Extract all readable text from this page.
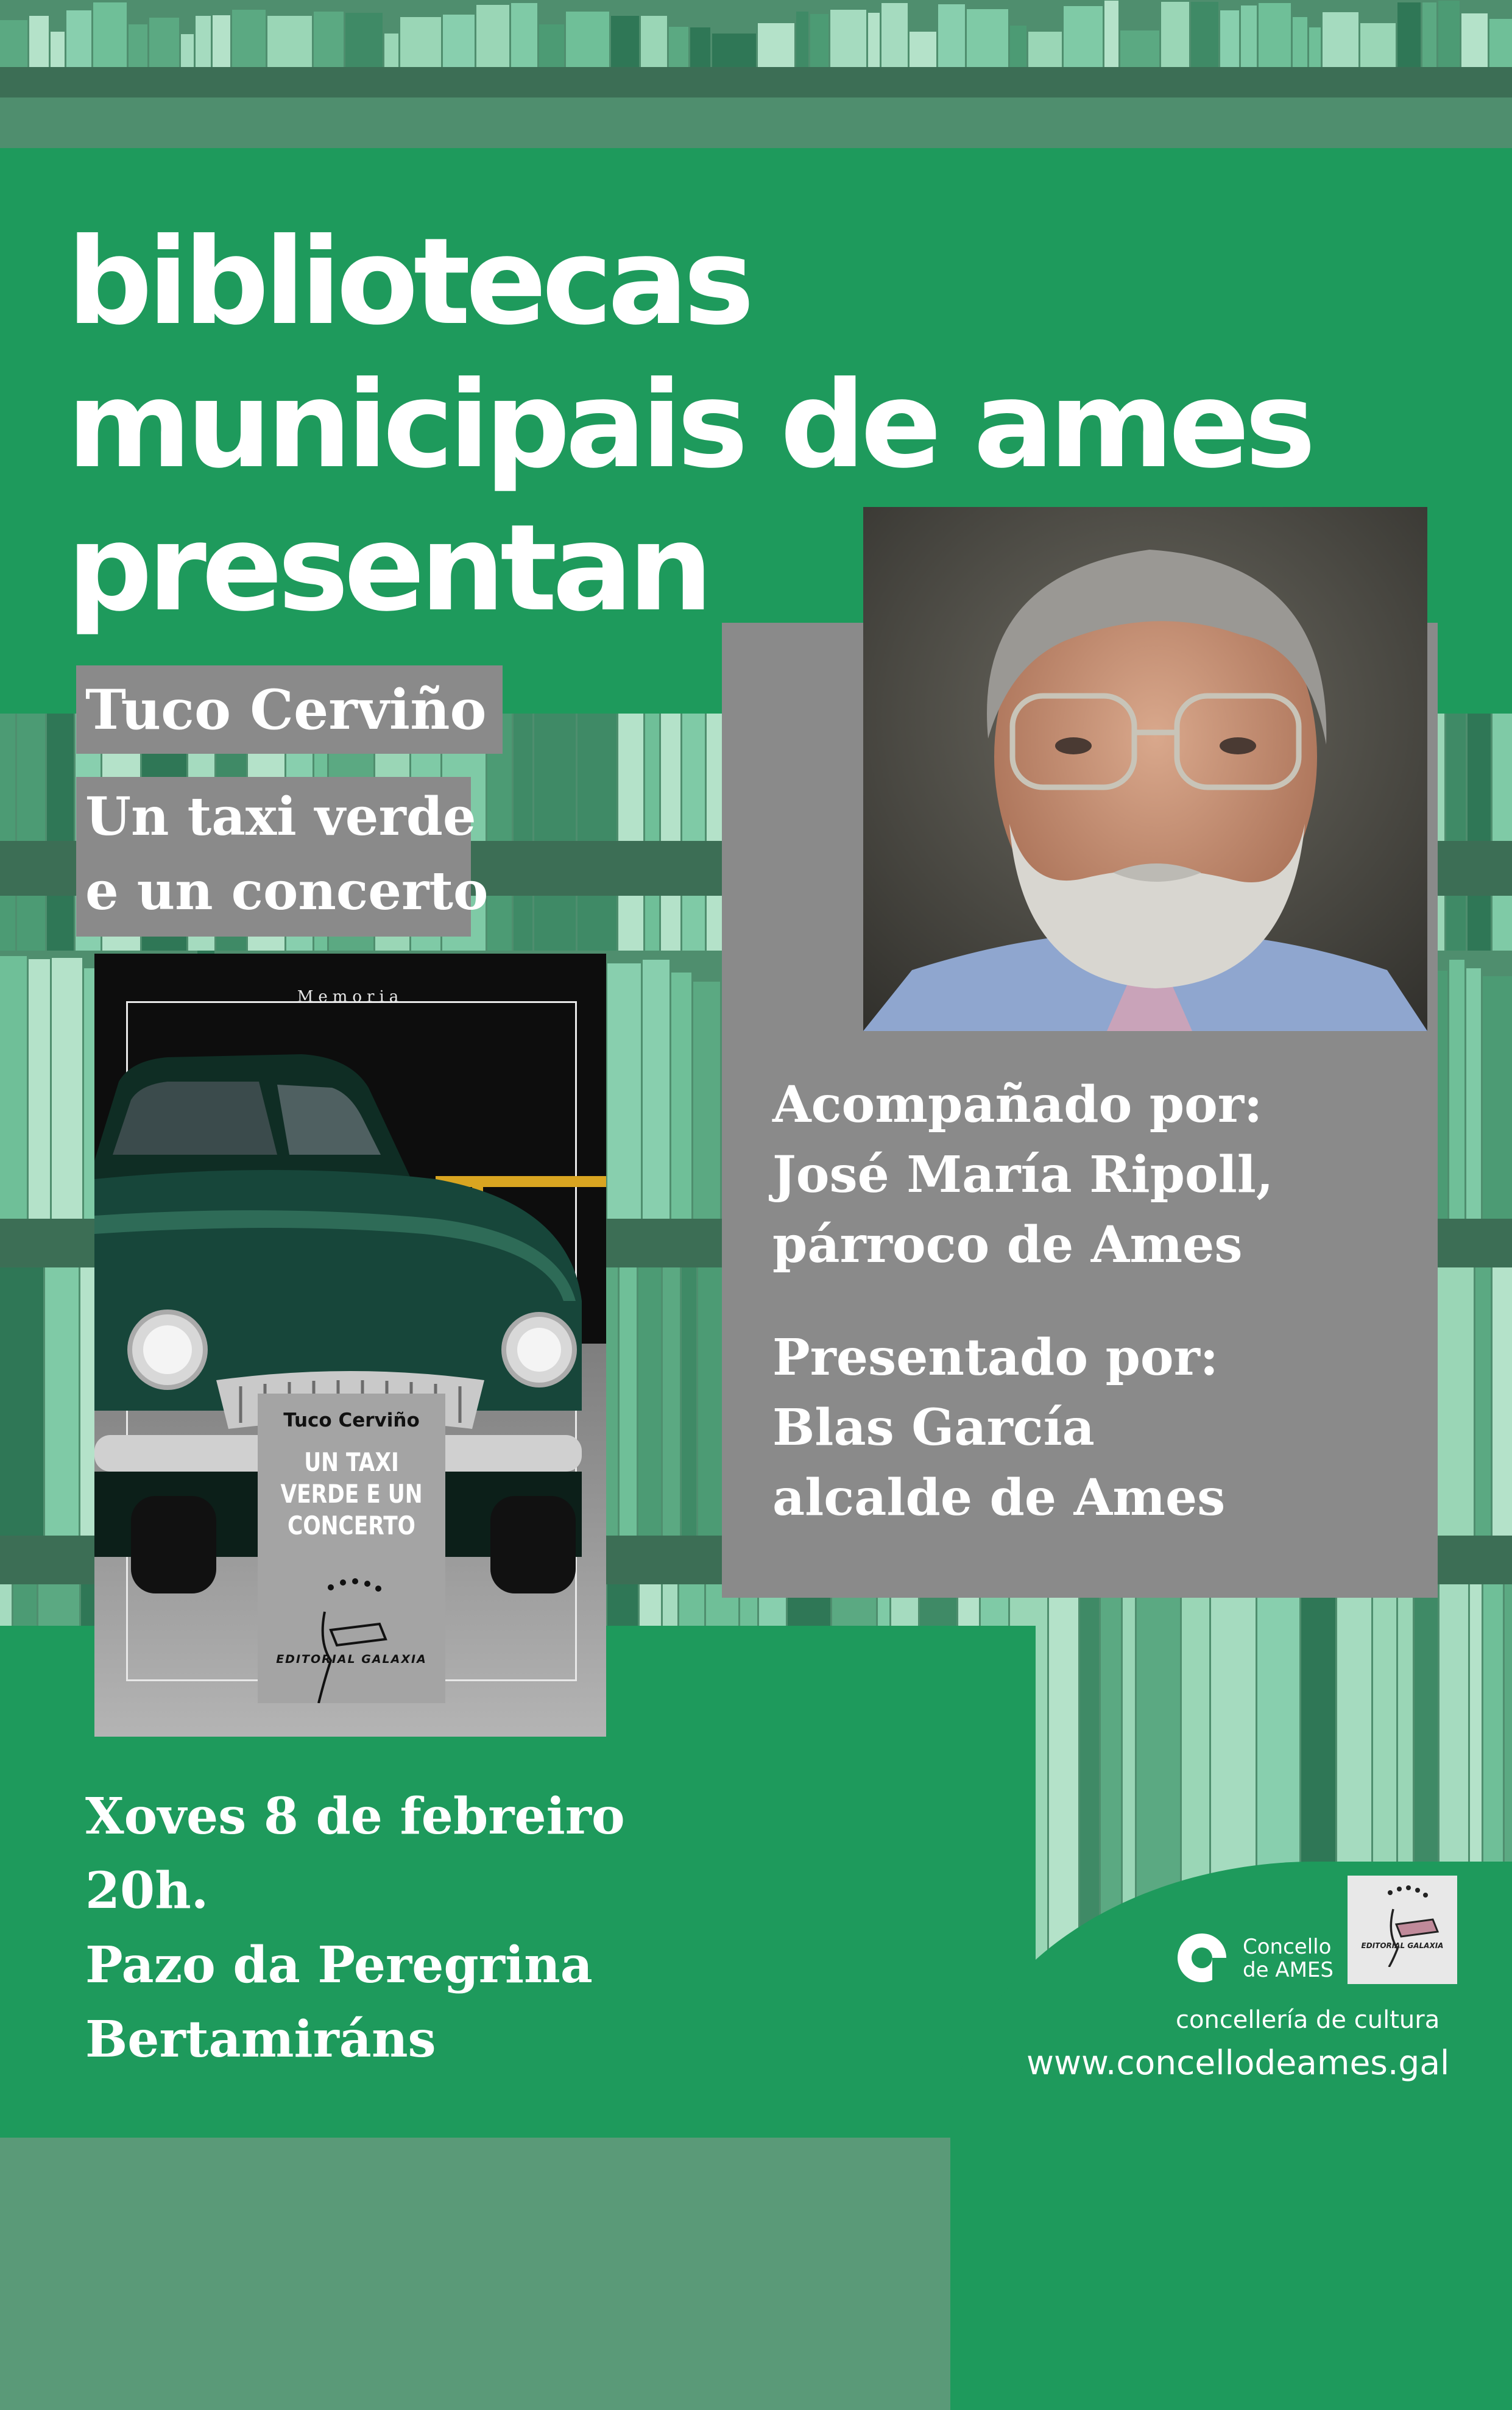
bibliotecas
municipais de ames
presentan
Tuco Cerviño
Un taxi verde
e un concerto
Acompañado por:
José María Ripoll,
párroco de Ames
Presentado por:
Blas García
alcalde de Ames
Memoria
Tuco Cerviño
UN TAXI
VERDE E UN
CONCERTO
EDITORIAL GALAXIA
Xoves 8 de febreiro
20h.
Pazo da Peregrina
Bertamiráns
Concello
de AMES
EDITORIAL GALAXIA
concellería de cultura
www.concellodeames.gal
